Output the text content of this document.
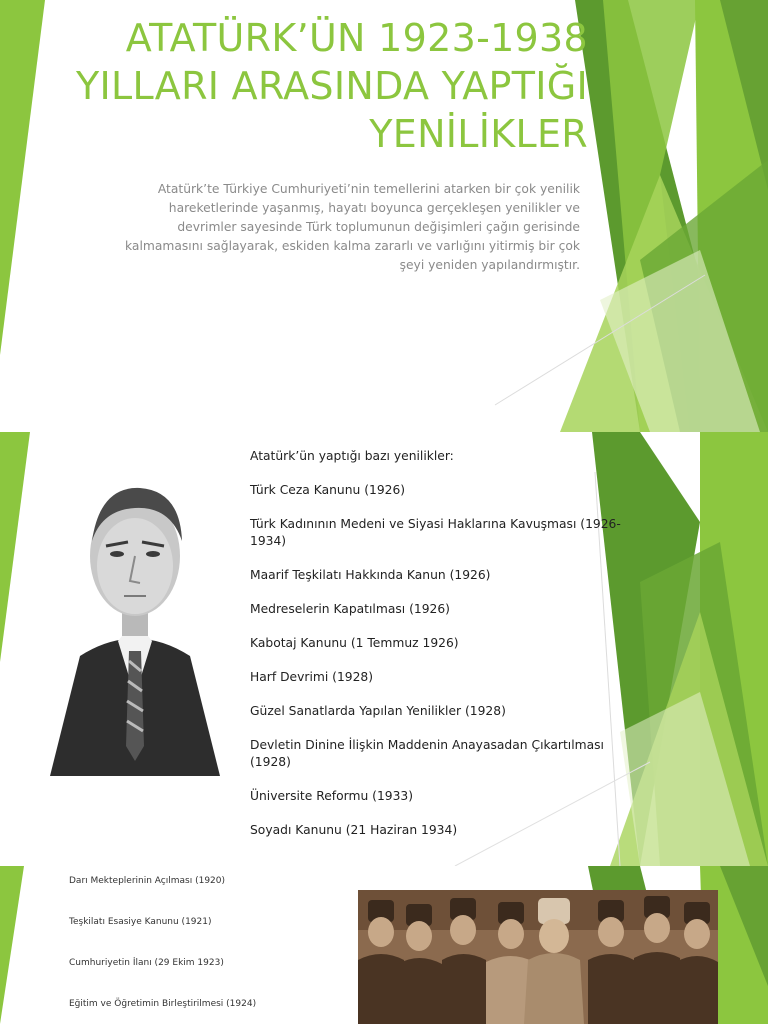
ATATÜRK’ÜN 1923-1938
YILLARI ARASINDA YAPTIĞI
YENİLİKLER
Atatürk’te Türkiye Cumhuriyeti’nin temellerini atarken bir çok yenilik
hareketlerinde yaşanmış, hayatı boyunca gerçekleşen yenilikler ve
devrimler sayesinde Türk toplumunun değişimleri çağın gerisinde
kalmamasını sağlayarak, eskiden kalma zararlı ve varlığını yitirmiş bir çok
şeyi yeniden yapılandırmıştır.
Atatürk’ün yaptığı bazı yenilikler:
Türk Ceza Kanunu (1926)
Türk Kadınının Medeni ve Siyasi Haklarına Kavuşması (1926-1934)
Maarif Teşkilatı Hakkında Kanun (1926)
Medreselerin Kapatılması (1926)
Kabotaj Kanunu (1 Temmuz 1926)
Harf Devrimi (1928)
Güzel Sanatlarda Yapılan Yenilikler (1928)
Devletin Dinine İlişkin Maddenin Anayasadan Çıkartılması (1928)
Üniversite Reformu (1933)
Soyadı Kanunu (21 Haziran 1934)
Darı Mekteplerinin Açılması (1920)
Teşkilatı Esasiye Kanunu (1921)
Cumhuriyetin İlanı (29 Ekim 1923)
Eğitim ve Öğretimin Birleştirilmesi (1924)
